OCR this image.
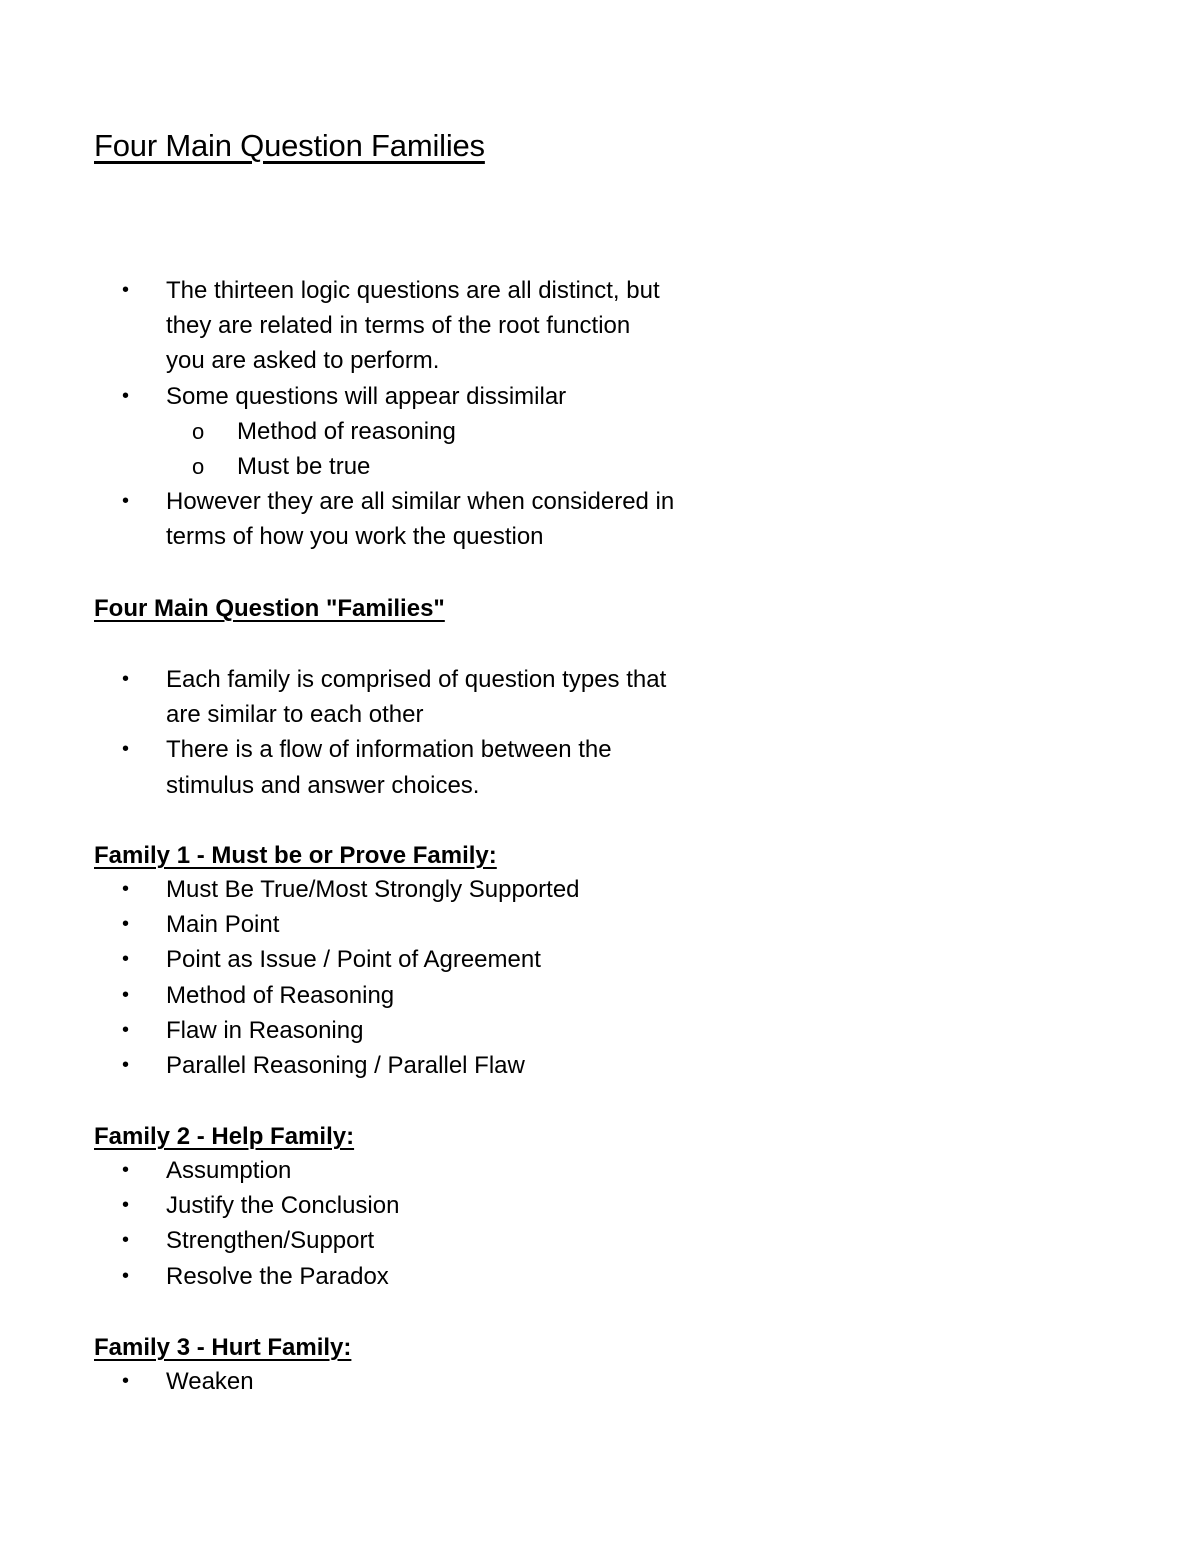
Four Main Question Families
• The thirteen logic questions are all distinct, but
they are related in terms of the root function
you are asked to perform.
• Some questions will appear dissimilar
o Method of reasoning
o Must be true
• However they are all similar when considered in
terms of how you work the question
Four Main Question "Families"
• Each family is comprised of question types that
are similar to each other
• There is a flow of information between the
stimulus and answer choices.
Family 1 - Must be or Prove Family:
• Must Be True/Most Strongly Supported
• Main Point
• Point as Issue / Point of Agreement
• Method of Reasoning
• Flaw in Reasoning
• Parallel Reasoning / Parallel Flaw
Family 2 - Help Family:
• Assumption
• Justify the Conclusion
• Strengthen/Support
• Resolve the Paradox
Family 3 - Hurt Family:
• Weaken
